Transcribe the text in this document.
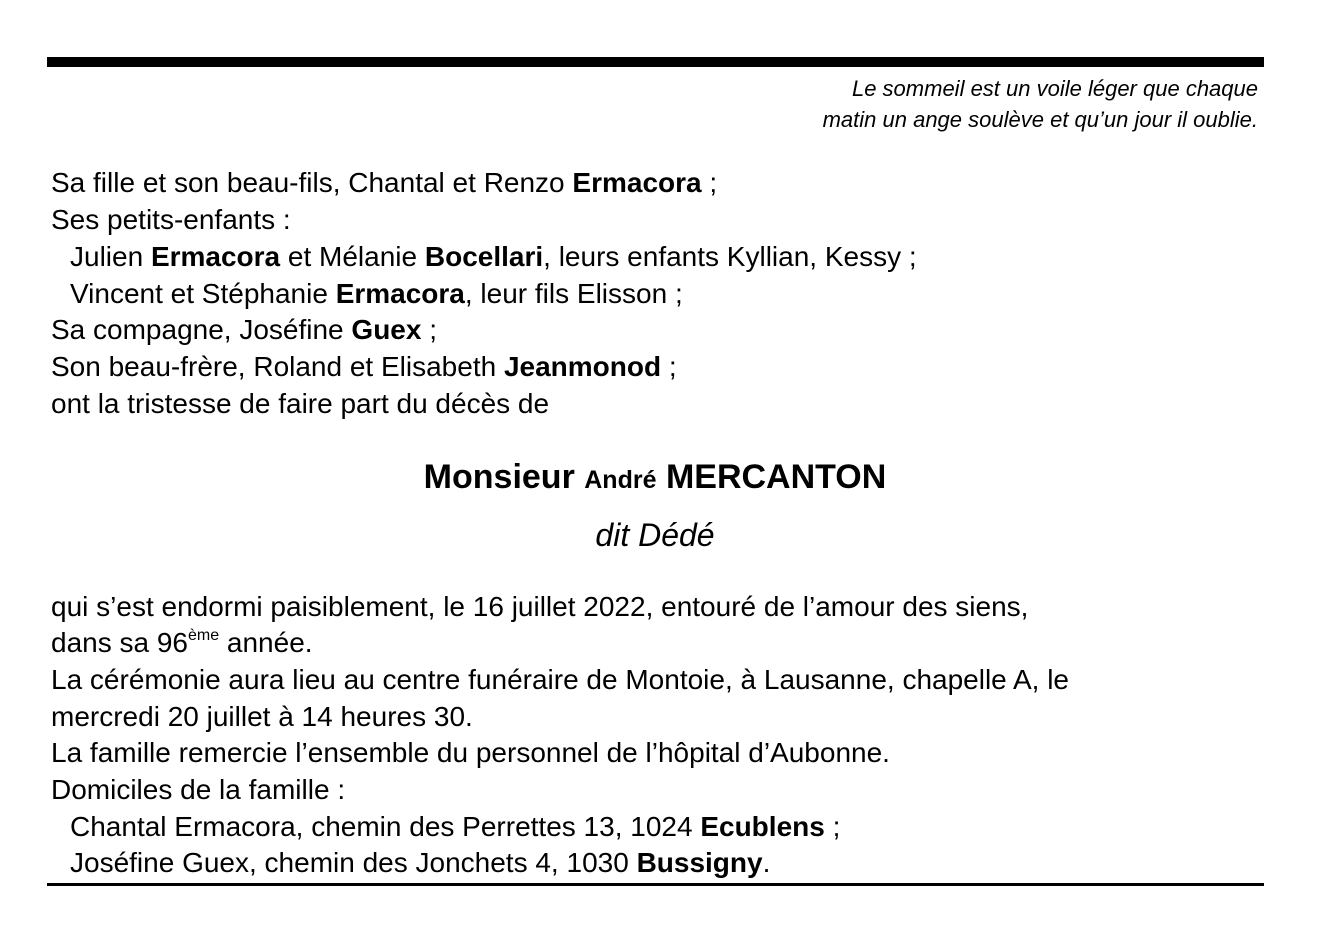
Le sommeil est un voile léger que chaque
matin un ange soulève et qu’un jour il oublie.
Sa fille et son beau-fils, Chantal et Renzo Ermacora ;
Ses petits-enfants :
Julien Ermacora et Mélanie Bocellari, leurs enfants Kyllian, Kessy ;
Vincent et Stéphanie Ermacora, leur fils Elisson ;
Sa compagne, Joséfine Guex ;
Son beau-frère, Roland et Elisabeth Jeanmonod ;
ont la tristesse de faire part du décès de
Monsieur André MERCANTON
dit Dédé
qui s’est endormi paisiblement, le 16 juillet 2022, entouré de l’amour des siens,
dans sa 96ème année.
La cérémonie aura lieu au centre funéraire de Montoie, à Lausanne, chapelle A, le
mercredi 20 juillet à 14 heures 30.
La famille remercie l’ensemble du personnel de l’hôpital d’Aubonne.
Domiciles de la famille :
Chantal Ermacora, chemin des Perrettes 13, 1024 Ecublens ;
Joséfine Guex, chemin des Jonchets 4, 1030 Bussigny.
